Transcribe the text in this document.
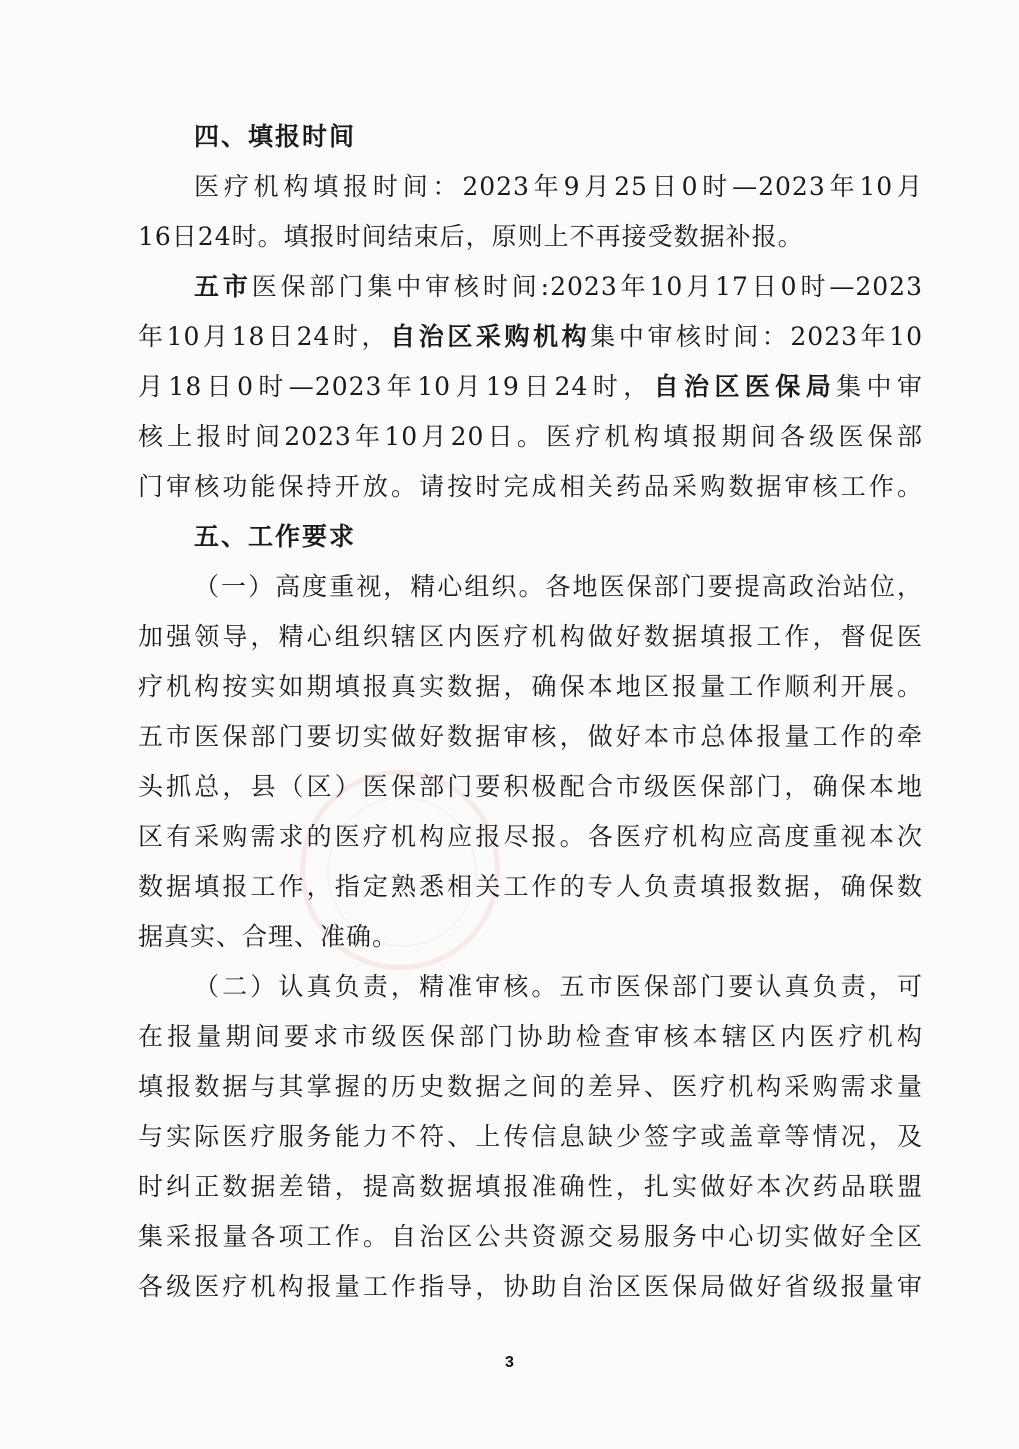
四、填报时间
医疗机构填报时间：2023年9月25日0时—2023年10月
16日24时。填报时间结束后，原则上不再接受数据补报。
五市医保部门集中审核时间:2023年10月17日0时—2023
年10月18日24时，自治区采购机构集中审核时间：2023年10
月18日0时—2023年10月19日24时，自治区医保局集中审
核上报时间2023年10月20日。医疗机构填报期间各级医保部
门审核功能保持开放。请按时完成相关药品采购数据审核工作。
五、工作要求
（一）高度重视，精心组织。各地医保部门要提高政治站位，
加强领导，精心组织辖区内医疗机构做好数据填报工作，督促医
疗机构按实如期填报真实数据，确保本地区报量工作顺利开展。
五市医保部门要切实做好数据审核，做好本市总体报量工作的牵
头抓总，县（区）医保部门要积极配合市级医保部门，确保本地
区有采购需求的医疗机构应报尽报。各医疗机构应高度重视本次
数据填报工作，指定熟悉相关工作的专人负责填报数据，确保数
据真实、合理、准确。
（二）认真负责，精准审核。五市医保部门要认真负责，可
在报量期间要求市级医保部门协助检查审核本辖区内医疗机构
填报数据与其掌握的历史数据之间的差异、医疗机构采购需求量
与实际医疗服务能力不符、上传信息缺少签字或盖章等情况，及
时纠正数据差错，提高数据填报准确性，扎实做好本次药品联盟
集采报量各项工作。自治区公共资源交易服务中心切实做好全区
各级医疗机构报量工作指导，协助自治区医保局做好省级报量审
3
